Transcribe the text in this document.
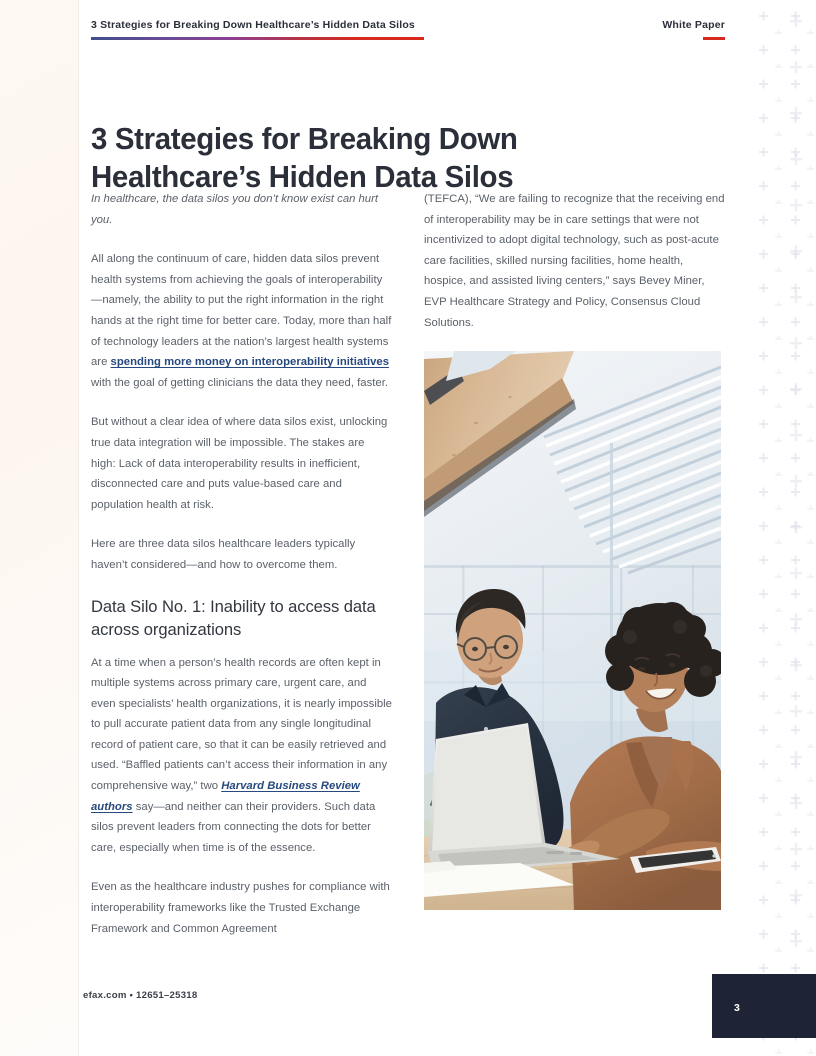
3 Strategies for Breaking Down Healthcare’s Hidden Data Silos	White Paper
3 Strategies for Breaking Down Healthcare’s Hidden Data Silos

In healthcare, the data silos you don’t know exist can hurt you.

All along the continuum of care, hidden data silos prevent health systems from achieving the goals of interoperability—namely, the ability to put the right information in the right hands at the right time for better care. Today, more than half of technology leaders at the nation’s largest health systems are spending more money on interoperability initiatives with the goal of getting clinicians the data they need, faster.

But without a clear idea of where data silos exist, unlocking true data integration will be impossible. The stakes are high: Lack of data interoperability results in inefficient, disconnected care and puts value-based care and population health at risk.

Here are three data silos healthcare leaders typically haven’t considered—and how to overcome them.

Data Silo No. 1: Inability to access data across organizations

At a time when a person’s health records are often kept in multiple systems across primary care, urgent care, and even specialists’ health organizations, it is nearly impossible to pull accurate patient data from any single longitudinal record of patient care, so that it can be easily retrieved and used. “Baffled patients can’t access their information in any comprehensive way,” two Harvard Business Review authors say—and neither can their providers. Such data silos prevent leaders from connecting the dots for better care, especially when time is of the essence.

Even as the healthcare industry pushes for compliance with interoperability frameworks like the Trusted Exchange Framework and Common Agreement

(TEFCA), “We are failing to recognize that the receiving end of interoperability may be in care settings that were not incentivized to adopt digital technology, such as post-acute care facilities, skilled nursing facilities, home health, hospice, and assisted living centers,” says Bevey Miner, EVP Healthcare Strategy and Policy, Consensus Cloud Solutions.

efax.com • 12651–25318
3
